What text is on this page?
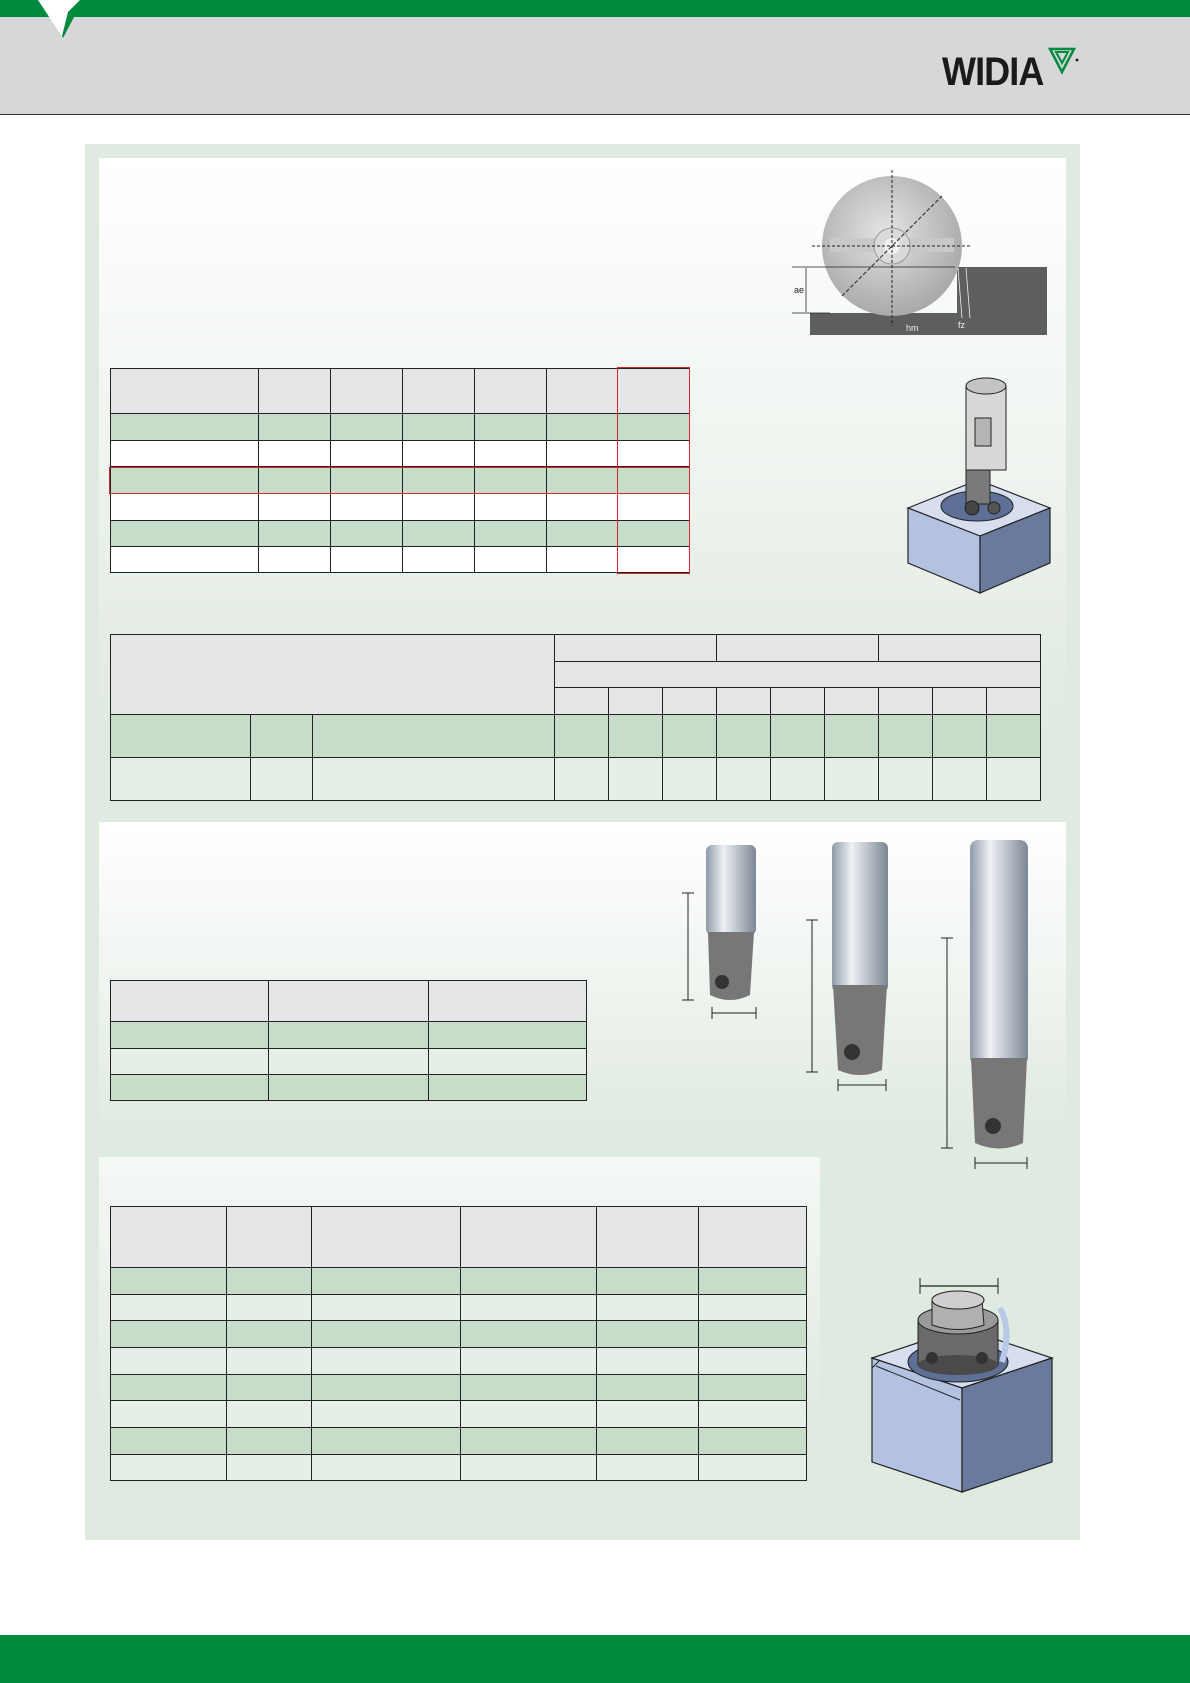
WIDIA
ae
hm	fz
